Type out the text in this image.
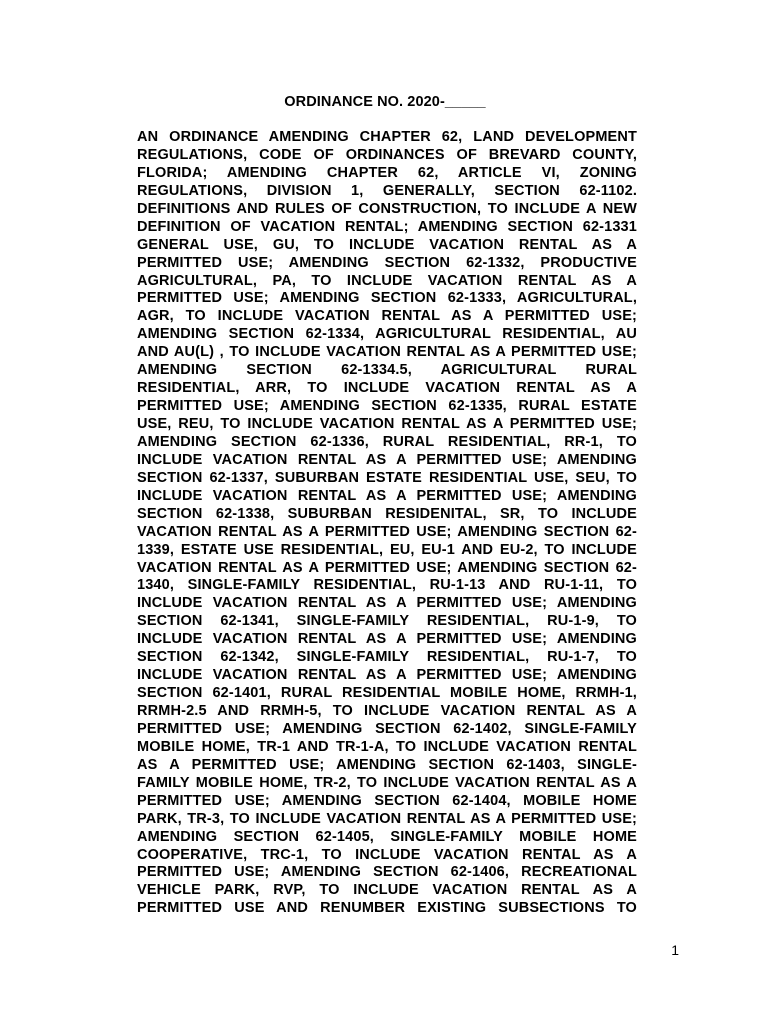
ORDINANCE NO. 2020-_____
AN ORDINANCE AMENDING CHAPTER 62, LAND DEVELOPMENT
REGULATIONS, CODE OF ORDINANCES OF BREVARD COUNTY,
FLORIDA; AMENDING CHAPTER 62, ARTICLE VI, ZONING
REGULATIONS, DIVISION 1, GENERALLY, SECTION 62-1102.
DEFINITIONS AND RULES OF CONSTRUCTION, TO INCLUDE A NEW
DEFINITION OF VACATION RENTAL; AMENDING SECTION 62-1331
GENERAL USE, GU, TO INCLUDE VACATION RENTAL AS A
PERMITTED USE; AMENDING SECTION 62-1332, PRODUCTIVE
AGRICULTURAL, PA, TO INCLUDE VACATION RENTAL AS A
PERMITTED USE; AMENDING SECTION 62-1333, AGRICULTURAL,
AGR, TO INCLUDE VACATION RENTAL AS A PERMITTED USE;
AMENDING SECTION 62-1334, AGRICULTURAL RESIDENTIAL, AU
AND AU(L) , TO INCLUDE VACATION RENTAL AS A PERMITTED USE;
AMENDING SECTION 62-1334.5, AGRICULTURAL RURAL
RESIDENTIAL, ARR, TO INCLUDE VACATION RENTAL AS A
PERMITTED USE; AMENDING SECTION 62-1335, RURAL ESTATE
USE, REU, TO INCLUDE VACATION RENTAL AS A PERMITTED USE;
AMENDING SECTION 62-1336, RURAL RESIDENTIAL, RR-1, TO
INCLUDE VACATION RENTAL AS A PERMITTED USE; AMENDING
SECTION 62-1337, SUBURBAN ESTATE RESIDENTIAL USE, SEU, TO
INCLUDE VACATION RENTAL AS A PERMITTED USE; AMENDING
SECTION 62-1338, SUBURBAN RESIDENITAL, SR, TO INCLUDE
VACATION RENTAL AS A PERMITTED USE; AMENDING SECTION 62-
1339, ESTATE USE RESIDENTIAL, EU, EU-1 AND EU-2, TO INCLUDE
VACATION RENTAL AS A PERMITTED USE; AMENDING SECTION 62-
1340, SINGLE-FAMILY RESIDENTIAL, RU-1-13 AND RU-1-11, TO
INCLUDE VACATION RENTAL AS A PERMITTED USE; AMENDING
SECTION 62-1341, SINGLE-FAMILY RESIDENTIAL, RU-1-9, TO
INCLUDE VACATION RENTAL AS A PERMITTED USE; AMENDING
SECTION 62-1342, SINGLE-FAMILY RESIDENTIAL, RU-1-7, TO
INCLUDE VACATION RENTAL AS A PERMITTED USE; AMENDING
SECTION 62-1401, RURAL RESIDENTIAL MOBILE HOME, RRMH-1,
RRMH-2.5 AND RRMH-5, TO INCLUDE VACATION RENTAL AS A
PERMITTED USE; AMENDING SECTION 62-1402, SINGLE-FAMILY
MOBILE HOME, TR-1 AND TR-1-A, TO INCLUDE VACATION RENTAL
AS A PERMITTED USE; AMENDING SECTION 62-1403, SINGLE-
FAMILY MOBILE HOME, TR-2, TO INCLUDE VACATION RENTAL AS A
PERMITTED USE; AMENDING SECTION 62-1404, MOBILE HOME
PARK, TR-3, TO INCLUDE VACATION RENTAL AS A PERMITTED USE;
AMENDING SECTION 62-1405, SINGLE-FAMILY MOBILE HOME
COOPERATIVE, TRC-1, TO INCLUDE VACATION RENTAL AS A
PERMITTED USE; AMENDING SECTION 62-1406, RECREATIONAL
VEHICLE PARK, RVP, TO INCLUDE VACATION RENTAL AS A
PERMITTED USE AND RENUMBER EXISTING SUBSECTIONS TO
1
